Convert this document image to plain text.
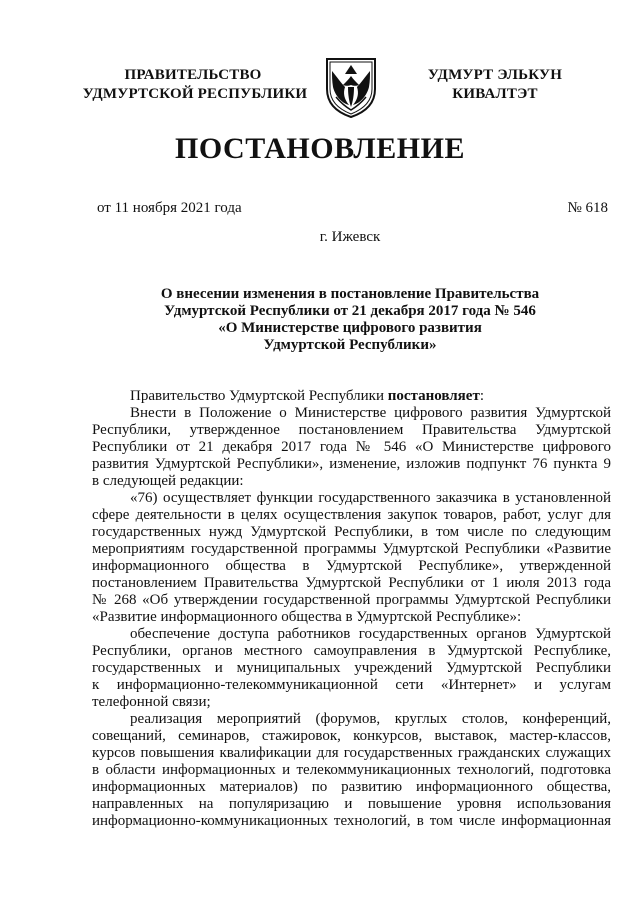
ПРАВИТЕЛЬСТВО
УДМУРТСКОЙ РЕСПУБЛИКИ
УДМУРТ ЭЛЬКУН
КИВАЛТЭТ
ПОСТАНОВЛЕНИЕ
от 11 ноября 2021 года	№ 618
г. Ижевск
О внесении изменения в постановление Правительства
Удмуртской Республики от 21 декабря 2017 года № 546
«О Министерстве цифрового развития
Удмуртской Республики»
Правительство Удмуртской Республики постановляет:
Внести в Положение о Министерстве цифрового развития Удмуртской
Республики, утвержденное постановлением Правительства Удмуртской
Республики от 21 декабря 2017 года № 546 «О Министерстве цифрового
развития Удмуртской Республики», изменение, изложив подпункт 76 пункта 9
в следующей редакции:
«76) осуществляет функции государственного заказчика в установленной
сфере деятельности в целях осуществления закупок товаров, работ, услуг для
государственных нужд Удмуртской Республики, в том числе по следующим
мероприятиям государственной программы Удмуртской Республики «Развитие
информационного общества в Удмуртской Республике», утвержденной
постановлением Правительства Удмуртской Республики от 1 июля 2013 года
№ 268 «Об утверждении государственной программы Удмуртской Республики
«Развитие информационного общества в Удмуртской Республике»:
обеспечение доступа работников государственных органов Удмуртской
Республики, органов местного самоуправления в Удмуртской Республике,
государственных и муниципальных учреждений Удмуртской Республики
к информационно-телекоммуникационной сети «Интернет» и услугам
телефонной связи;
реализация мероприятий (форумов, круглых столов, конференций,
совещаний, семинаров, стажировок, конкурсов, выставок, мастер-классов,
курсов повышения квалификации для государственных гражданских служащих
в области информационных и телекоммуникационных технологий, подготовка
информационных материалов) по развитию информационного общества,
направленных на популяризацию и повышение уровня использования
информационно-коммуникационных технологий, в том числе информационная
